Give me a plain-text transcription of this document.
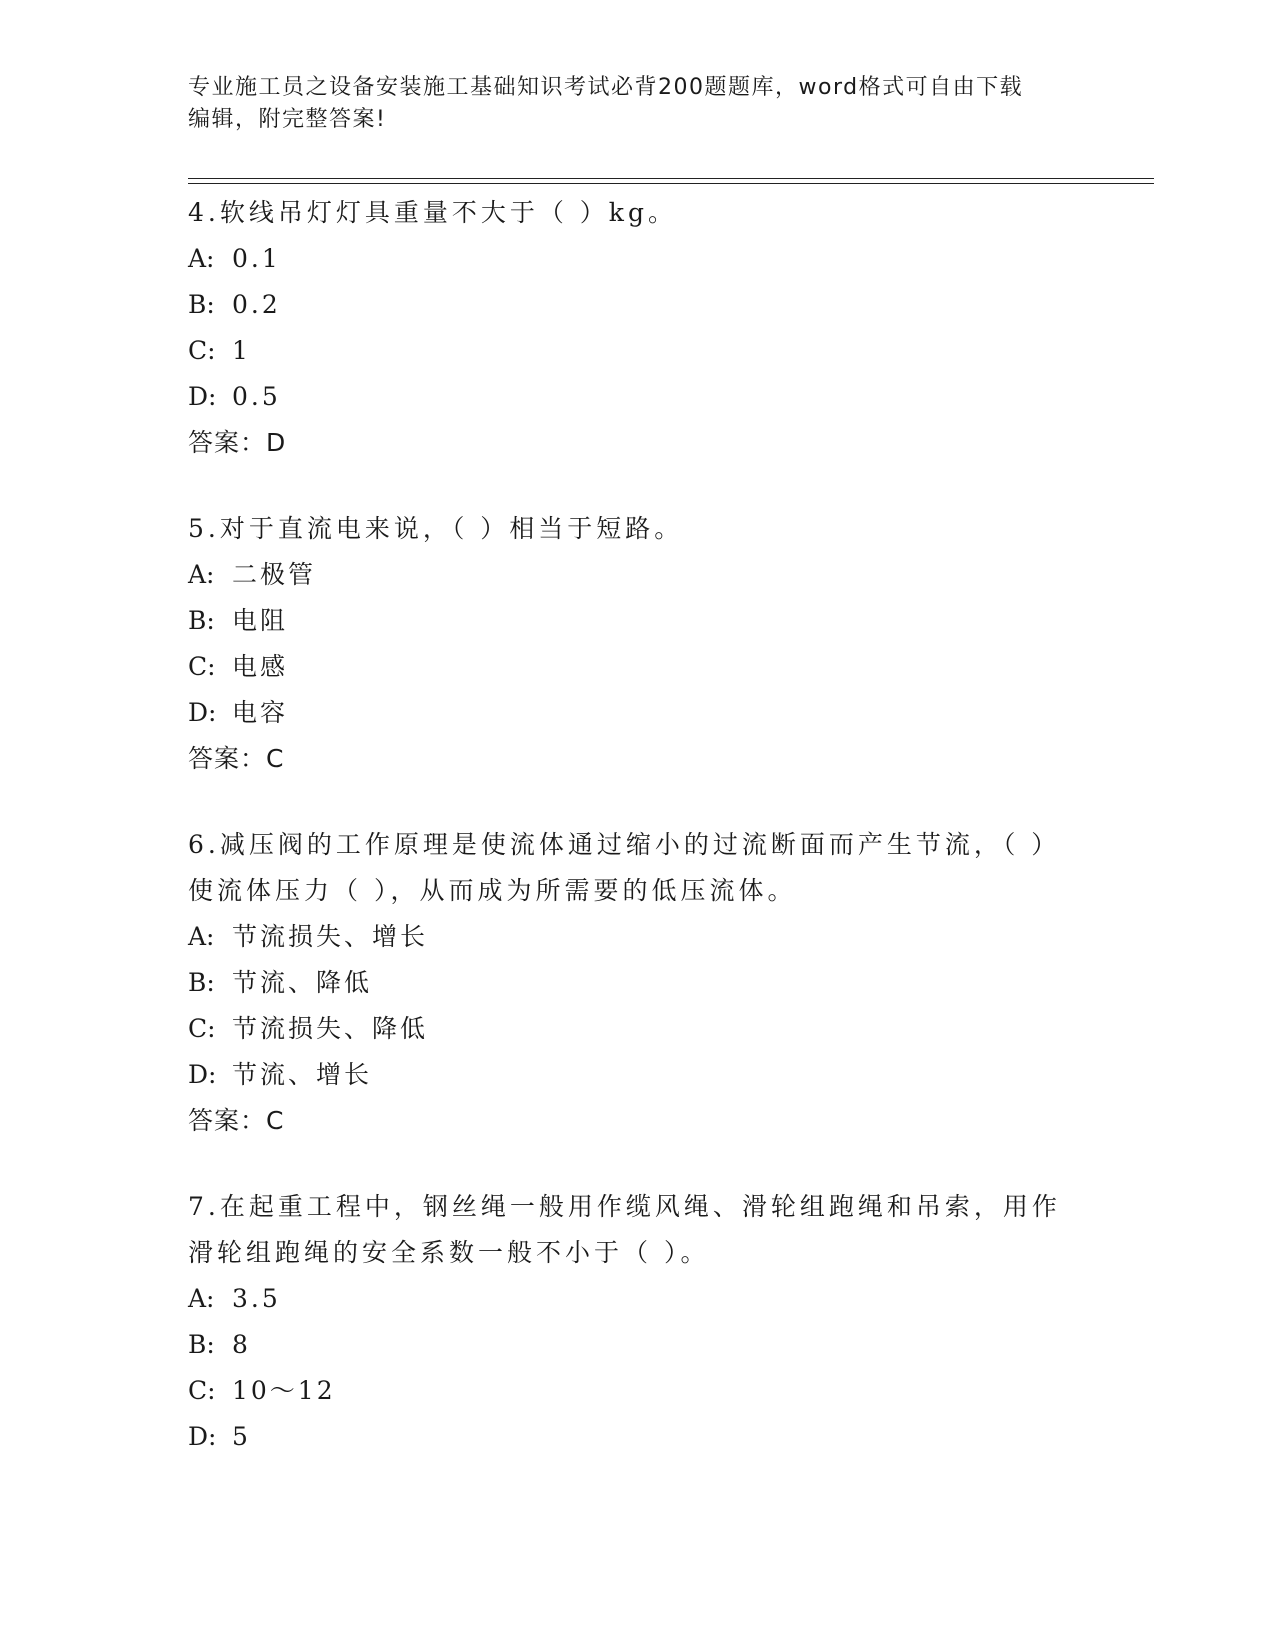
专业施工员之设备安装施工基础知识考试必背200题题库，word格式可自由下载
编辑，附完整答案!
4.软线吊灯灯具重量不大于（ ）kg。
A: 0.1
B: 0.2
C: 1
D: 0.5
答案：D
5.对于直流电来说，（ ）相当于短路。
A: 二极管
B: 电阻
C: 电感
D: 电容
答案：C
6.减压阀的工作原理是使流体通过缩小的过流断面而产生节流，（ ）
使流体压力（ ），从而成为所需要的低压流体。
A: 节流损失、增长
B: 节流、降低
C: 节流损失、降低
D: 节流、增长
答案：C
7.在起重工程中，钢丝绳一般用作缆风绳、滑轮组跑绳和吊索，用作
滑轮组跑绳的安全系数一般不小于（ ）。
A: 3.5
B: 8
C: 10～12
D: 5
